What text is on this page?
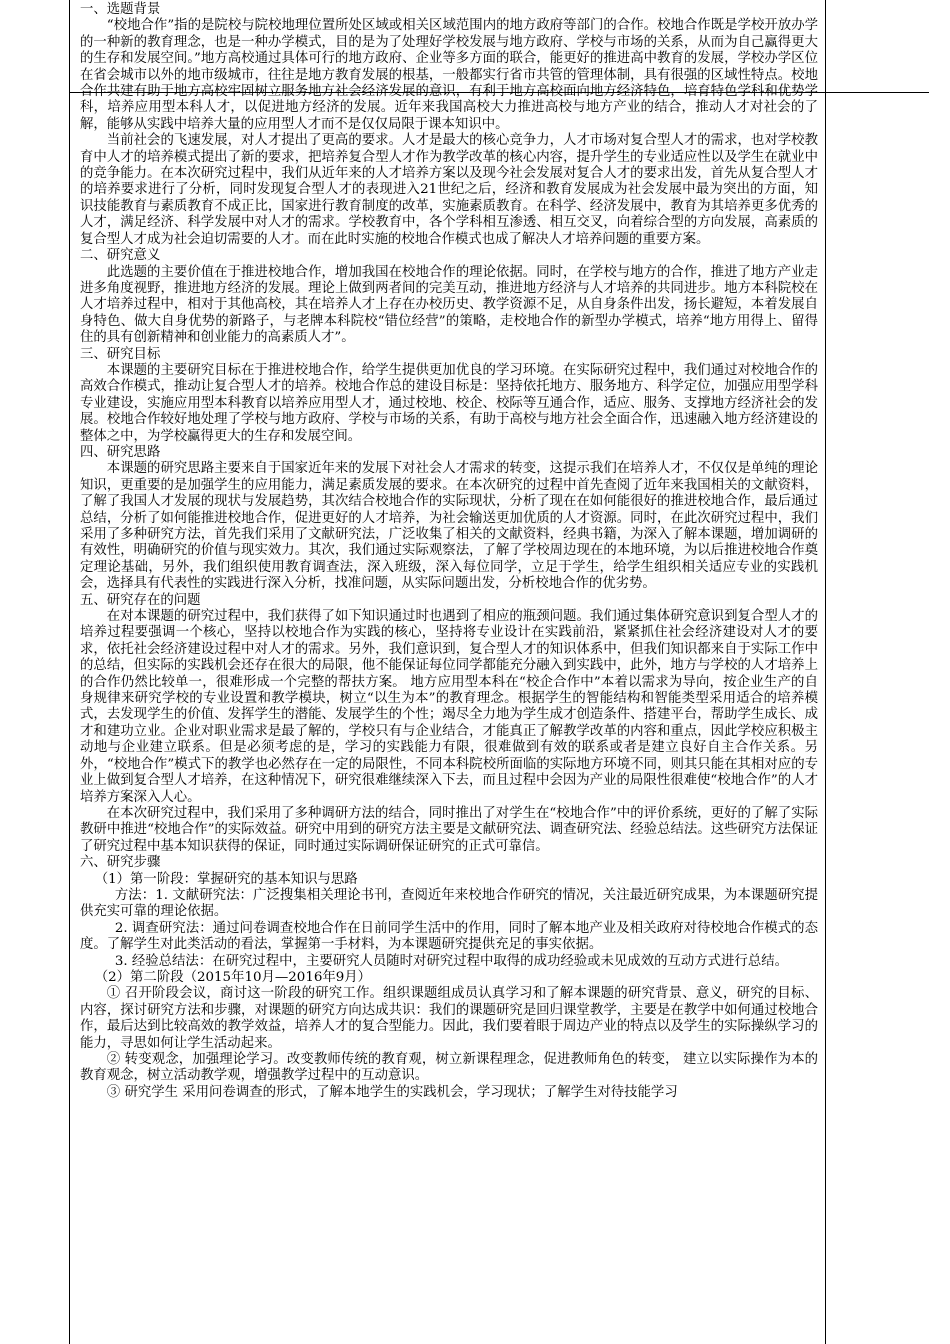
一、选题背景

“校地合作”指的是院校与院校地理位置所处区域或相关区域范围内的地方政府等部门的合作。校地合作既是学校开放办学的一种新的教育理念，也是一种办学模式，目的是为了处理好学校发展与地方政府、学校与市场的关系，从而为自己赢得更大的生存和发展空间。”地方高校通过具体可行的地方政府、企业等多方面的联合，能更好的推进高中教育的发展，学校办学区位在省会城市以外的地市级城市，往往是地方教育发展的根基，一般都实行省市共管的管理体制，具有很强的区域性特点。校地合作共建有助于地方高校牢固树立服务地方社会经济发展的意识，有利于地方高校面向地方经济特色，培育特色学科和优势学科，培养应用型本科人才，以促进地方经济的发展。近年来我国高校大力推进高校与地方产业的结合，推动人才对社会的了解，能够从实践中培养大量的应用型人才而不是仅仅局限于课本知识中。

当前社会的飞速发展，对人才提出了更高的要求。人才是最大的核心竞争力，人才市场对复合型人才的需求，也对学校教育中人才的培养模式提出了新的要求，把培养复合型人才作为教学改革的核心内容，提升学生的专业适应性以及学生在就业中的竞争能力。在本次研究过程中，我们从近年来的人才培养方案以及现今社会发展对复合人才的要求出发，首先从复合型人才的培养要求进行了分析，同时发现复合型人才的表现进入21世纪之后，经济和教育发展成为社会发展中最为突出的方面，知识技能教育与素质教育不成正比，国家进行教育制度的改革，实施素质教育。在科学、经济发展中，教育为其培养更多优秀的人才，满足经济、科学发展中对人才的需求。学校教育中，各个学科相互渗透、相互交叉，向着综合型的方向发展，高素质的复合型人才成为社会迫切需要的人才。而在此时实施的校地合作模式也成了解决人才培养问题的重要方案。

二、研究意义

此选题的主要价值在于推进校地合作，增加我国在校地合作的理论依据。同时，在学校与地方的合作，推进了地方产业走进多角度视野，推进地方经济的发展。理论上做到两者间的完美互动，推进地方经济与人才培养的共同进步。地方本科院校在人才培养过程中，相对于其他高校，其在培养人才上存在办校历史、教学资源不足，从自身条件出发，扬长避短，本着发展自身特色、做大自身优势的新路子，与老牌本科院校“错位经营”的策略，走校地合作的新型办学模式，培养“地方用得上、留得住的具有创新精神和创业能力的高素质人才”。

三、研究目标

本课题的主要研究目标在于推进校地合作，给学生提供更加优良的学习环境。在实际研究过程中，我们通过对校地合作的高效合作模式，推动让复合型人才的培养。校地合作总的建设目标是：坚持依托地方、服务地方、科学定位，加强应用型学科专业建设，实施应用型本科教育以培养应用型人才，通过校地、校企、校际等互通合作，适应、服务、支撑地方经济社会的发展。校地合作较好地处理了学校与地方政府、学校与市场的关系，有助于高校与地方社会全面合作，迅速融入地方经济建设的整体之中，为学校赢得更大的生存和发展空间。

四、研究思路

本课题的研究思路主要来自于国家近年来的发展下对社会人才需求的转变，这提示我们在培养人才，不仅仅是单纯的理论知识，更重要的是加强学生的应用能力，满足素质发展的要求。在本次研究的过程中首先查阅了近年来我国相关的文献资料，了解了我国人才发展的现状与发展趋势，其次结合校地合作的实际现状，分析了现在在如何能很好的推进校地合作，最后通过总结，分析了如何能推进校地合作，促进更好的人才培养，为社会输送更加优质的人才资源。同时，在此次研究过程中，我们采用了多种研究方法，首先我们采用了文献研究法，广泛收集了相关的文献资料，经典书籍，为深入了解本课题，增加调研的有效性，明确研究的价值与现实效力。其次，我们通过实际观察法，了解了学校周边现在的本地环境，为以后推进校地合作奠定理论基础，另外，我们组织使用教育调查法，深入班级，深入每位同学，立足于学生，给学生组织相关适应专业的实践机会，选择具有代表性的实践进行深入分析，找准问题，从实际问题出发，分析校地合作的优劣势。

五、研究存在的问题

在对本课题的研究过程中，我们获得了如下知识通过时也遇到了相应的瓶颈问题。我们通过集体研究意识到复合型人才的培养过程要强调一个核心，坚持以校地合作为实践的核心，坚持将专业设计在实践前沿，紧紧抓住社会经济建设对人才的要求，依托社会经济建设过程中对人才的需求。另外，我们意识到，复合型人才的知识体系中，但我们知识都来自于实际工作中的总结，但实际的实践机会还存在很大的局限，他不能保证每位同学都能充分融入到实践中，此外，地方与学校的人才培养上的合作仍然比较单一，很难形成一个完整的帮扶方案。 地方应用型本科在“校企合作中”本着以需求为导向，按企业生产的自身规律来研究学校的专业设置和教学模块，树立“以生为本”的教育理念。根据学生的智能结构和智能类型采用适合的培养模式，去发现学生的价值、发挥学生的潜能、发展学生的个性；竭尽全力地为学生成才创造条件、搭建平台，帮助学生成长、成才和建功立业。企业对职业需求是最了解的，学校只有与企业结合，才能真正了解教学改革的内容和重点，因此学校应积极主动地与企业建立联系。但是必须考虑的是，学习的实践能力有限，很难做到有效的联系或者是建立良好自主合作关系。另外，“校地合作”模式下的教学也必然存在一定的局限性，不同本科院校所面临的实际地方环境不同，则其只能在其相对应的专业上做到复合型人才培养，在这种情况下，研究很难继续深入下去，而且过程中会因为产业的局限性很难使“校地合作”的人才培养方案深入人心。

在本次研究过程中，我们采用了多种调研方法的结合，同时推出了对学生在“校地合作”中的评价系统，更好的了解了实际教研中推进“校地合作”的实际效益。研究中用到的研究方法主要是文献研究法、调查研究法、经验总结法。这些研究方法保证了研究过程中基本知识获得的保证，同时通过实际调研保证研究的正式可靠信。

六、研究步骤

（1）第一阶段：掌握研究的基本知识与思路

方法：1. 文献研究法：广泛搜集相关理论书刊，查阅近年来校地合作研究的情况，关注最近研究成果，为本课题研究提供充实可靠的理论依据。

2. 调查研究法：通过问卷调查校地合作在日前同学生活中的作用，同时了解本地产业及相关政府对待校地合作模式的态度。了解学生对此类活动的看法，掌握第一手材料，为本课题研究提供充足的事实依据。

3. 经验总结法：在研究过程中，主要研究人员随时对研究过程中取得的成功经验或未见成效的互动方式进行总结。

（2）第二阶段（2015年10月—2016年9月）

① 召开阶段会议，商讨这一阶段的研究工作。组织课题组成员认真学习和了解本课题的研究背景、意义，研究的目标、内容，探讨研究方法和步骤，对课题的研究方向达成共识：我们的课题研究是回归课堂教学，主要是在教学中如何通过校地合作，最后达到比较高效的教学效益，培养人才的复合型能力。因此，我们要着眼于周边产业的特点以及学生的实际操纵学习的能力，寻思如何让学生活动起来。

② 转变观念，加强理论学习。改变教师传统的教育观，树立新课程理念，促进教师角色的转变， 建立以实际操作为本的教育观念，树立活动教学观，增强教学过程中的互动意识。

③ 研究学生 采用问卷调查的形式，了解本地学生的实践机会，学习现状；了解学生对待技能学习
